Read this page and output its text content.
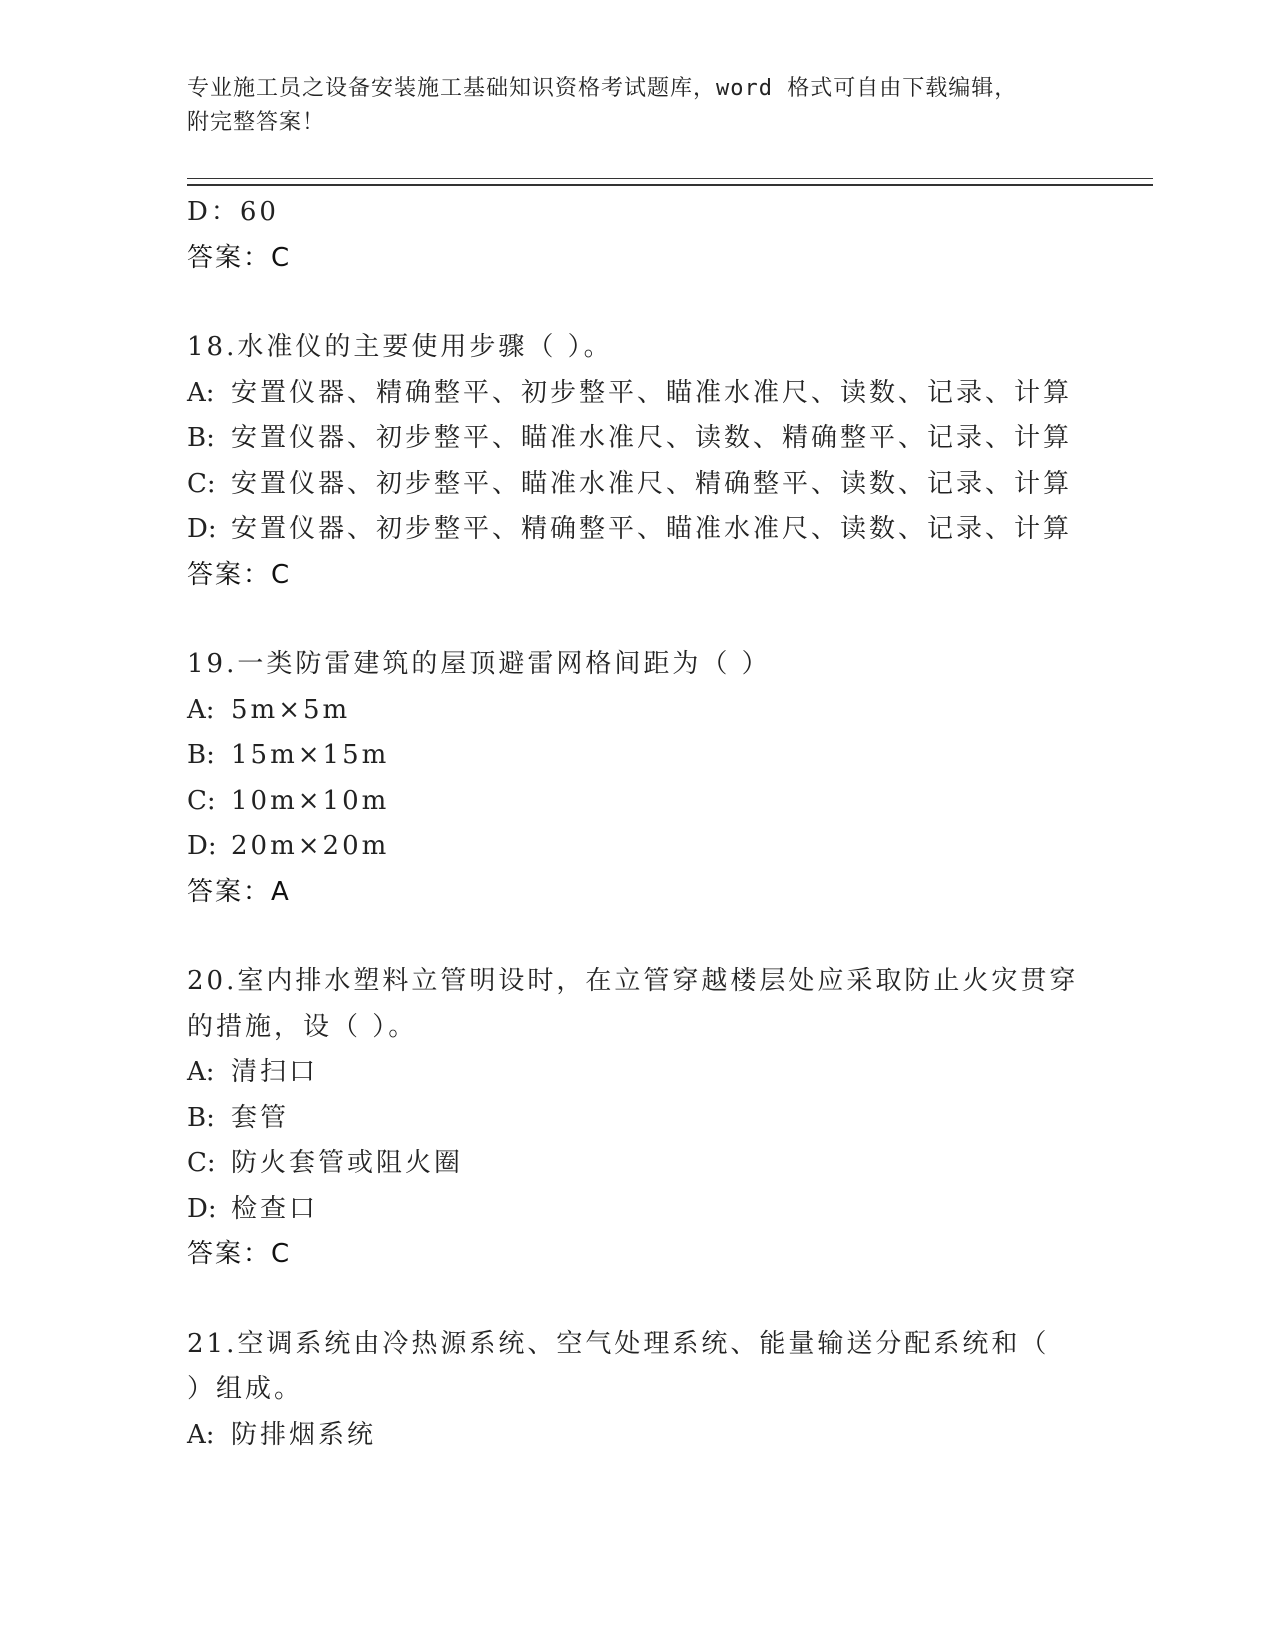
专业施工员之设备安装施工基础知识资格考试题库，word 格式可自由下载编辑，
附完整答案！
D：60
答案：C
18.水准仪的主要使用步骤（ ）。
A: 安置仪器、精确整平、初步整平、瞄准水准尺、读数、记录、计算
B: 安置仪器、初步整平、瞄准水准尺、读数、精确整平、记录、计算
C: 安置仪器、初步整平、瞄准水准尺、精确整平、读数、记录、计算
D: 安置仪器、初步整平、精确整平、瞄准水准尺、读数、记录、计算
答案：C
19.一类防雷建筑的屋顶避雷网格间距为（ ）
A: 5m×5m
B: 15m×15m
C: 10m×10m
D: 20m×20m
答案：A
20.室内排水塑料立管明设时，在立管穿越楼层处应采取防止火灾贯穿
的措施，设（ ）。
A: 清扫口
B: 套管
C: 防火套管或阻火圈
D: 检查口
答案：C
21.空调系统由冷热源系统、空气处理系统、能量输送分配系统和（
）组成。
A: 防排烟系统
